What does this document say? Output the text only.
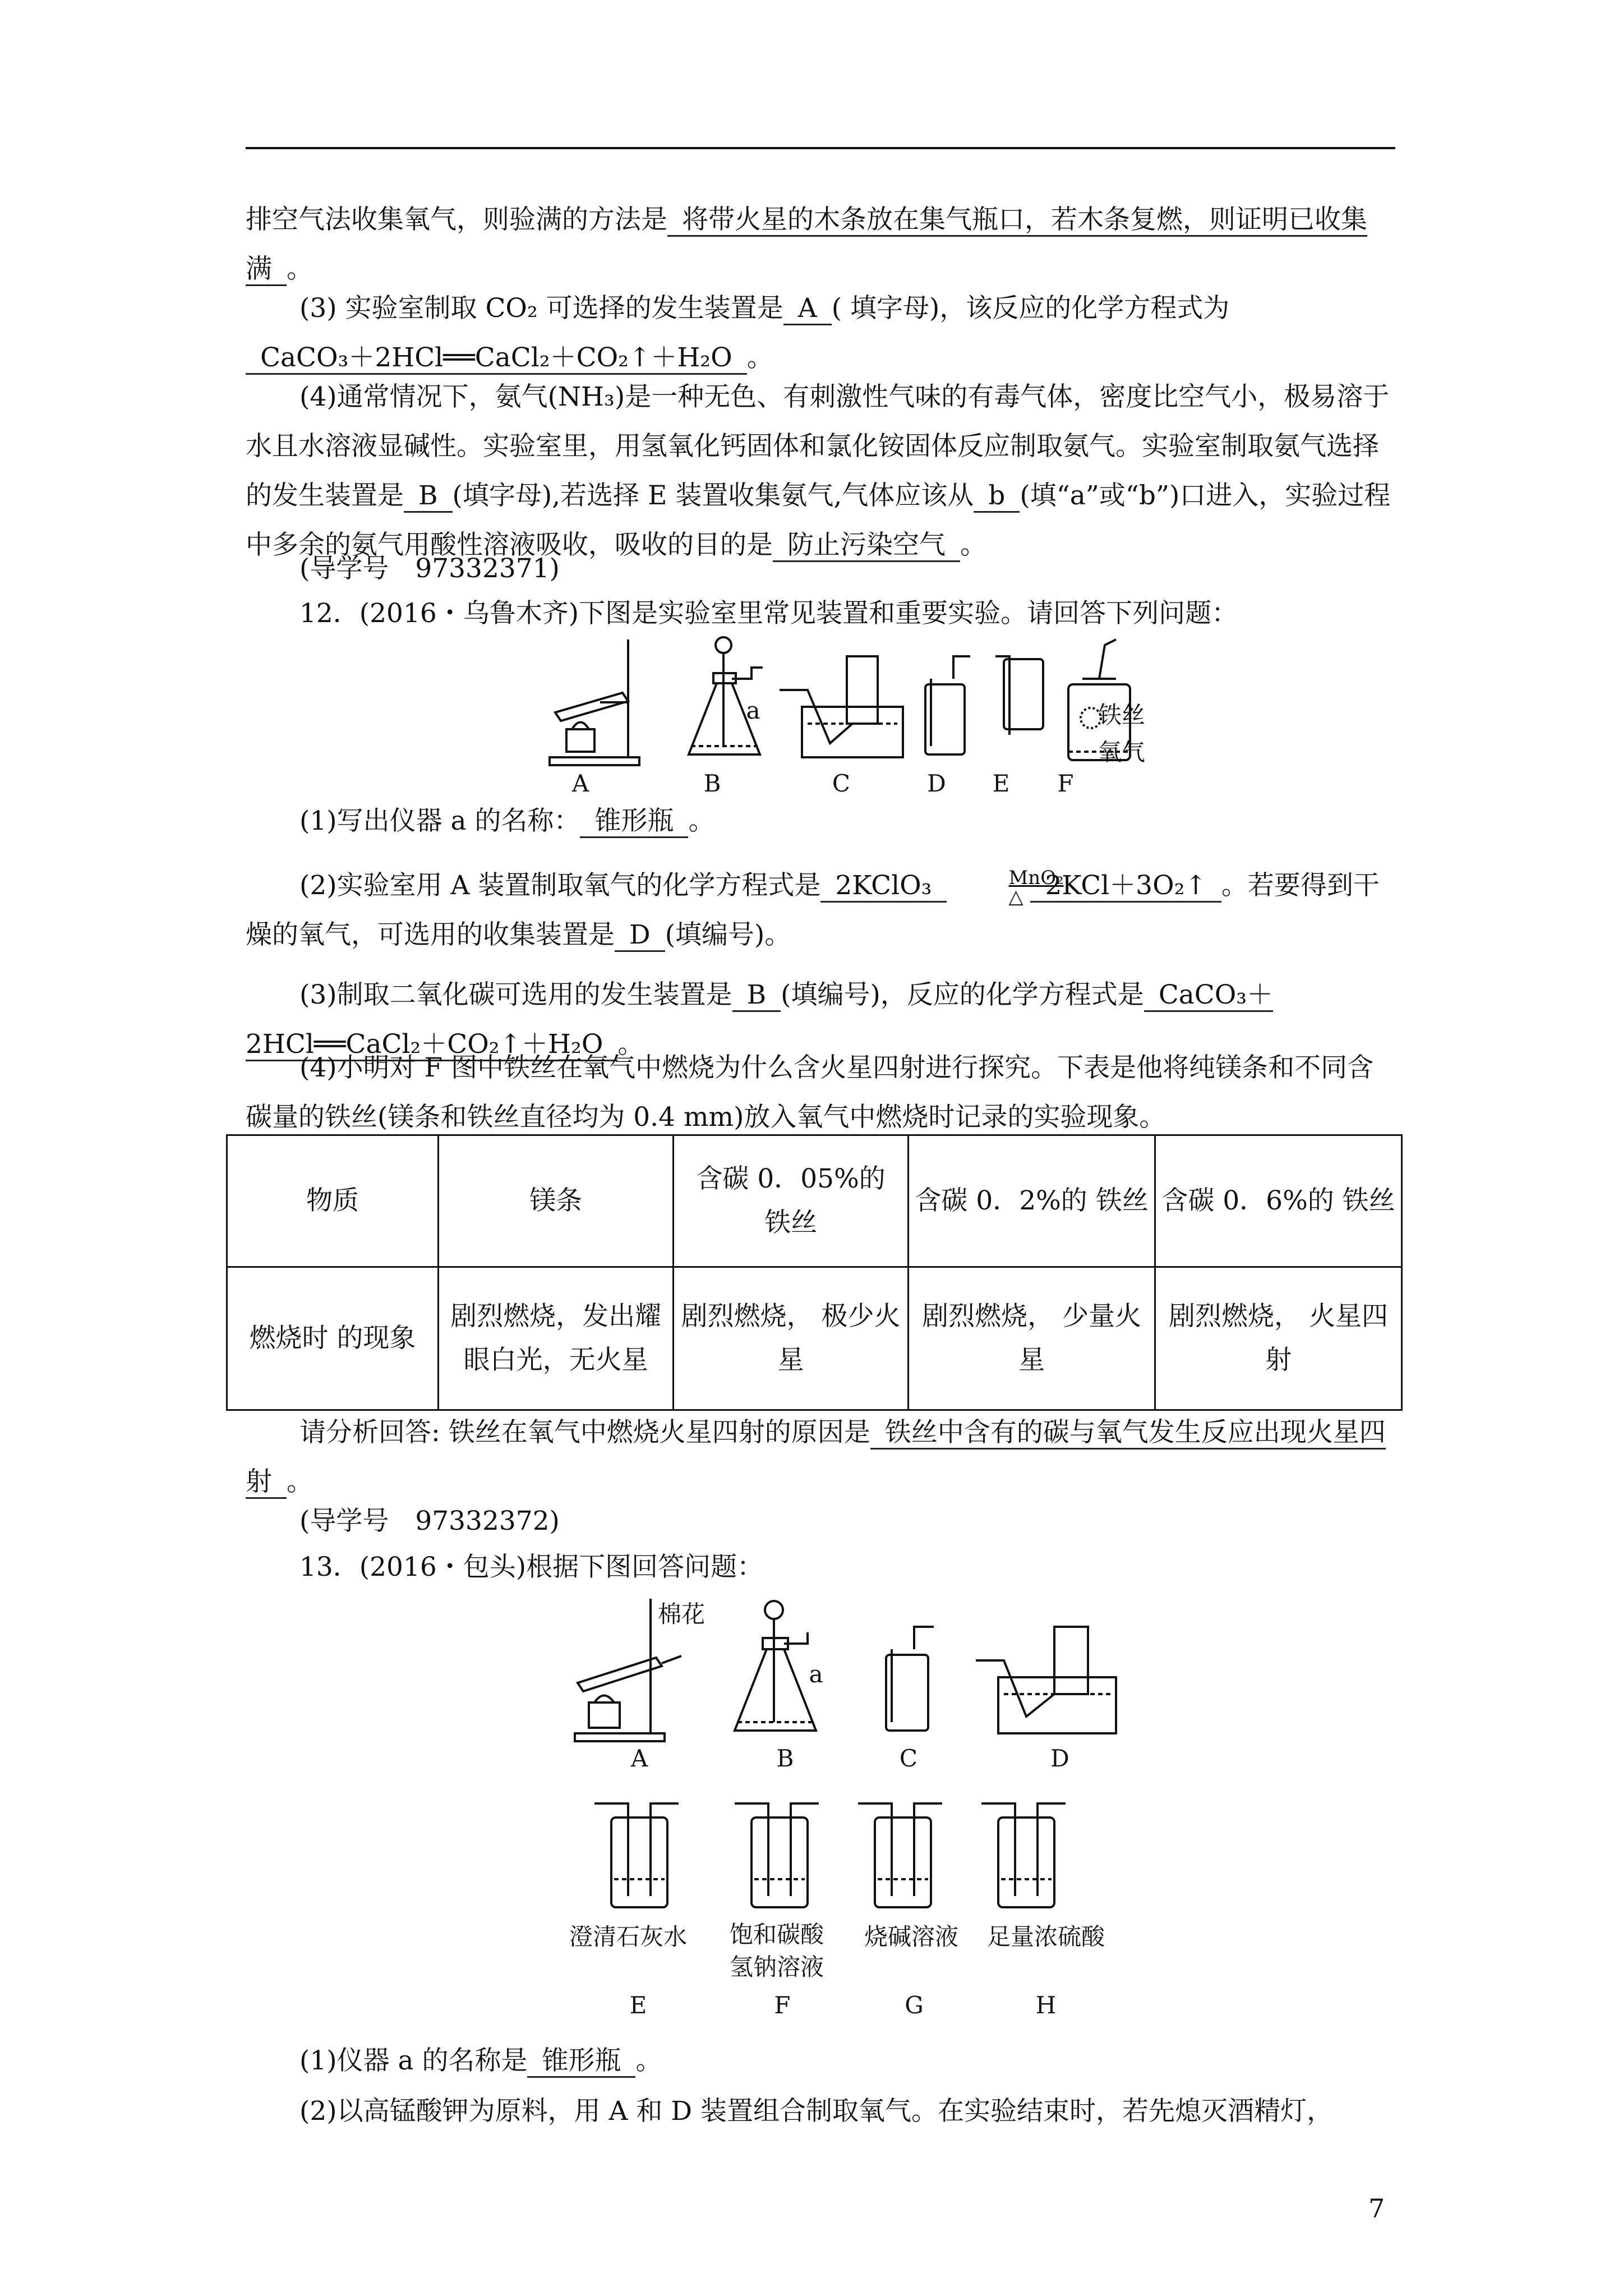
排空气法收集氧气，则验满的方法是 将带火星的木条放在集气瓶口，若木条复燃，则证明已收集满 。
(3) 实验室制取 CO₂ 可选择的发生装置是 A ( 填字母)，该反应的化学方程式为
CaCO₃＋2HCl══CaCl₂＋CO₂↑＋H₂O 。
(4)通常情况下，氨气(NH₃)是一种无色、有刺激性气味的有毒气体，密度比空气小，极易溶于水且水溶液显碱性。实验室里，用氢氧化钙固体和氯化铵固体反应制取氨气。实验室制取氨气选择的发生装置是 B (填字母),若选择 E 装置收集氨气,气体应该从 b (填“a”或“b”)口进入，实验过程中多余的氨气用酸性溶液吸收，吸收的目的是 防止污染空气 。
(导学号　97332371)
12．(2016・乌鲁木齐)下图是实验室里常见装置和重要实验。请回答下列问题：
A	B	C	D E F
a	铁丝
氧气
(1)写出仪器 a 的名称： 锥形瓶 。
(2)实验室用 A 装置制取氧气的化学方程式是 2KClO₃	MnO₂
△ 2KCl＋3O₂↑ 。若要得到干燥的氧气，可选用的收集装置是 D (填编号)。
(3)制取二氧化碳可选用的发生装置是 B (填编号)，反应的化学方程式是 CaCO₃＋2HCl══CaCl₂＋CO₂↑＋H₂O 。
(4)小明对 F 图中铁丝在氧气中燃烧为什么含火星四射进行探究。下表是他将纯镁条和不同含碳量的铁丝(镁条和铁丝直径均为 0.4 mm)放入氧气中燃烧时记录的实验现象。
物质	镁条	含碳 0．05%的 铁丝	含碳 0．2%的 铁丝	含碳 0．6%的 铁丝
燃烧时 的现象	剧烈燃烧，发出耀眼白光，无火星	剧烈燃烧， 极少火星	剧烈燃烧， 少量火星	剧烈燃烧， 火星四射
请分析回答: 铁丝在氧气中燃烧火星四射的原因是 铁丝中含有的碳与氧气发生反应出现火星四射 。
(导学号　97332372)
13．(2016・包头)根据下图回答问题：
棉花
a
A	B	C	D
澄清石灰水	饱和碳酸氢钠溶液
烧碱溶液	足量浓硫酸
E	F	G	H
(1)仪器 a 的名称是 锥形瓶 。
(2)以高锰酸钾为原料，用 A 和 D 装置组合制取氧气。在实验结束时，若先熄灭酒精灯，
7
